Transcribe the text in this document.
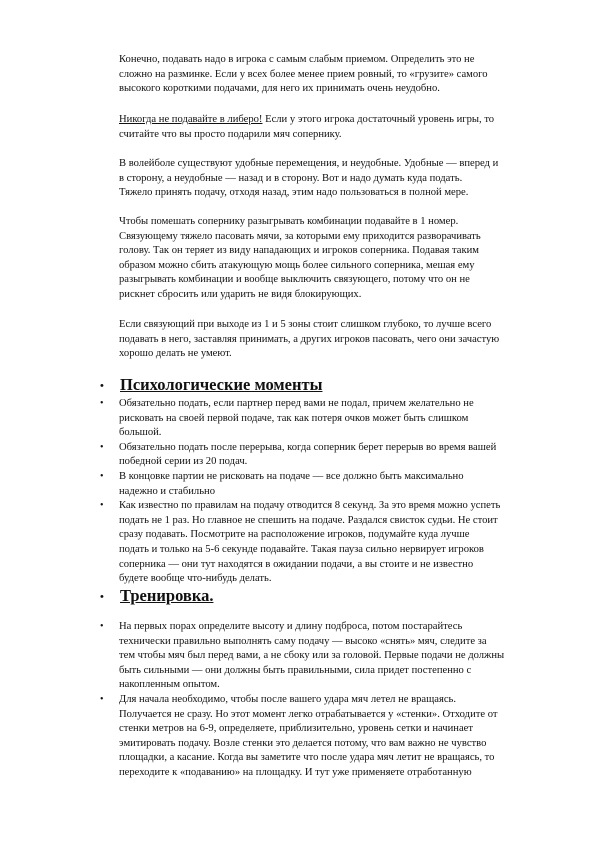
Конечно, подавать надо в игрока с самым слабым приемом. Определить это не
сложно на разминке. Если у всех более менее прием ровный, то «грузите» самого
высокого короткими подачами, для него их принимать очень неудобно.

Никогда не подавайте в либеро! Если у этого игрока достаточный уровень игры, то
считайте что вы просто подарили мяч сопернику.

В волейболе существуют удобные перемещения, и неудобные. Удобные — вперед и
в сторону, а неудобные — назад и в сторону. Вот и надо думать куда подать.
Тяжело принять подачу, отходя назад, этим надо пользоваться в полной мере.

Чтобы помешать сопернику разыгрывать комбинации подавайте в 1 номер.
Связующему тяжело пасовать мячи, за которыми ему приходится разворачивать
голову. Так он теряет из виду нападающих и игроков соперника. Подавая таким
образом можно сбить атакующую мощь более сильного соперника, мешая ему
разыгрывать комбинации и вообще выключить связующего, потому что он не
рискнет сбросить или ударить не видя блокирующих.

Если связующий при выходе из 1 и 5 зоны стоит слишком глубоко, то лучше всего
подавать в него, заставляя принимать, а других игроков пасовать, чего они зачастую
хорошо делать не умеют.

• Психологические моменты
• Обязательно подать, если партнер перед вами не подал, причем желательно не
рисковать на своей первой подаче, так как потеря очков может быть слишком
большой.
• Обязательно подать после перерыва, когда соперник берет перерыв во время вашей
победной серии из 20 подач.
• В концовке партии не рисковать на подаче — все должно быть максимально
надежно и стабильно
• Как известно по правилам на подачу отводится 8 секунд. За это время можно успеть
подать не 1 раз. Но главное не спешить на подаче. Раздался свисток судьи. Не стоит
сразу подавать. Посмотрите на расположение игроков, подумайте куда лучше
подать и только на 5-6 секунде подавайте. Такая пауза сильно нервирует игроков
соперника — они тут находятся в ожидании подачи, а вы стоите и не известно
будете вообще что-нибудь делать.
• Тренировка.
• На первых порах определите высоту и длину подброса, потом постарайтесь
технически правильно выполнять саму подачу — высоко «снять» мяч, следите за
тем чтобы мяч был перед вами, а не сбоку или за головой. Первые подачи не должны
быть сильными — они должны быть правильными, сила придет постепенно с
накопленным опытом.
• Для начала необходимо, чтобы после вашего удара мяч летел не вращаясь.
Получается не сразу. Но этот момент легко отрабатывается у «стенки». Отходите от
стенки метров на 6-9, определяете, приблизительно, уровень сетки и начинает
эмитировать подачу. Возле стенки это делается потому, что вам важно не чувство
площадки, а касание. Когда вы заметите что после удара мяч летит не вращаясь, то
переходите к «подаванию» на площадку. И тут уже применяете отработанную
